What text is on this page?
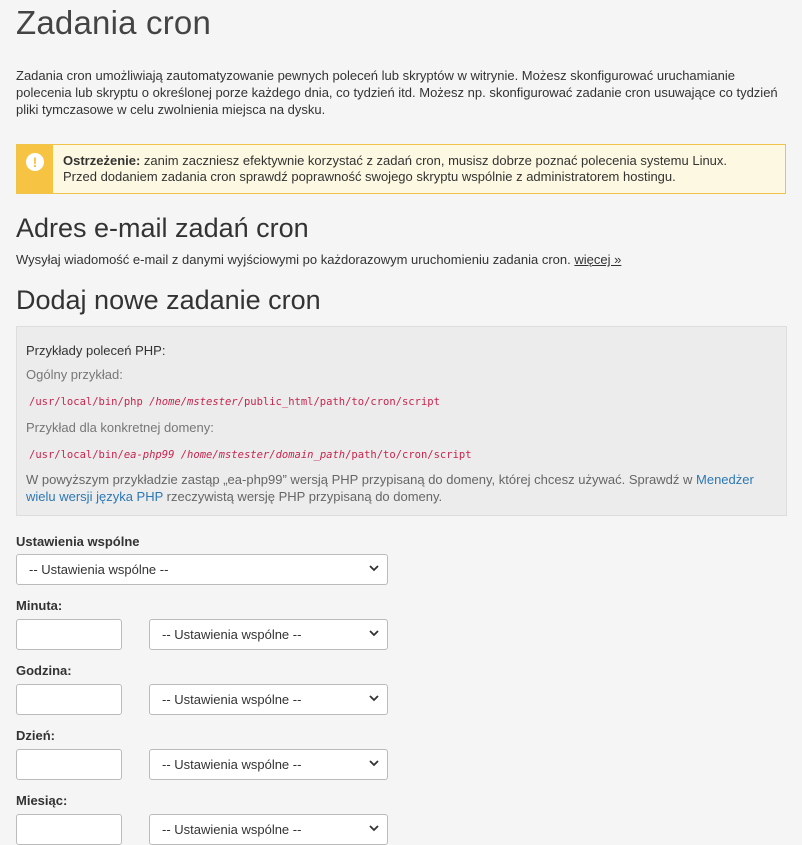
Zadania cron

Zadania cron umożliwiają zautomatyzowanie pewnych poleceń lub skryptów w witrynie. Możesz skonfigurować uruchamianie polecenia lub skryptu o określonej porze każdego dnia, co tydzień itd. Możesz np. skonfigurować zadanie cron usuwające co tydzień pliki tymczasowe w celu zwolnienia miejsca na dysku.

!	Ostrzeżenie: zanim zaczniesz efektywnie korzystać z zadań cron, musisz dobrze poznać polecenia systemu Linux.
Przed dodaniem zadania cron sprawdź poprawność swojego skryptu wspólnie z administratorem hostingu.
Adres e-mail zadań cron
Wysyłaj wiadomość e-mail z danymi wyjściowymi po każdorazowym uruchomieniu zadania cron. więcej »
Dodaj nowe zadanie cron
Przykłady poleceń PHP:
Ogólny przykład:
/usr/local/bin/php /home/mstester/public_html/path/to/cron/script
Przykład dla konkretnej domeny:
/usr/local/bin/ea-php99 /home/mstester/domain_path/path/to/cron/script
W powyższym przykładzie zastąp „ea-php99” wersją PHP przypisaną do domeny, której chcesz używać. Sprawdź w Menedżer wielu wersji języka PHP rzeczywistą wersję PHP przypisaną do domeny.
Ustawienia wspólne
-- Ustawienia wspólne --
Minuta:
-- Ustawienia wspólne --
Godzina:
-- Ustawienia wspólne --
Dzień:
-- Ustawienia wspólne --
Miesiąc:
-- Ustawienia wspólne --
